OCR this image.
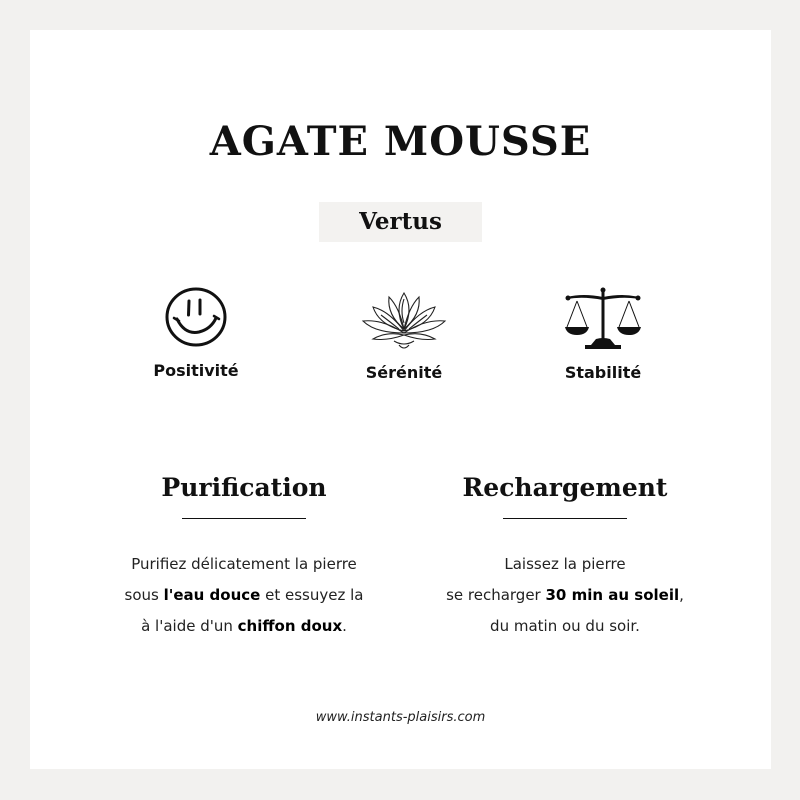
AGATE MOUSSE
Vertus
Positivité	Sérénité	Stabilité
Purification
Purifiez délicatement la pierre
sous l'eau douce et essuyez la
à l'aide d'un chiffon doux.
Rechargement
Laissez la pierre
se recharger 30 min au soleil,
du matin ou du soir.
www.instants-plaisirs.com
